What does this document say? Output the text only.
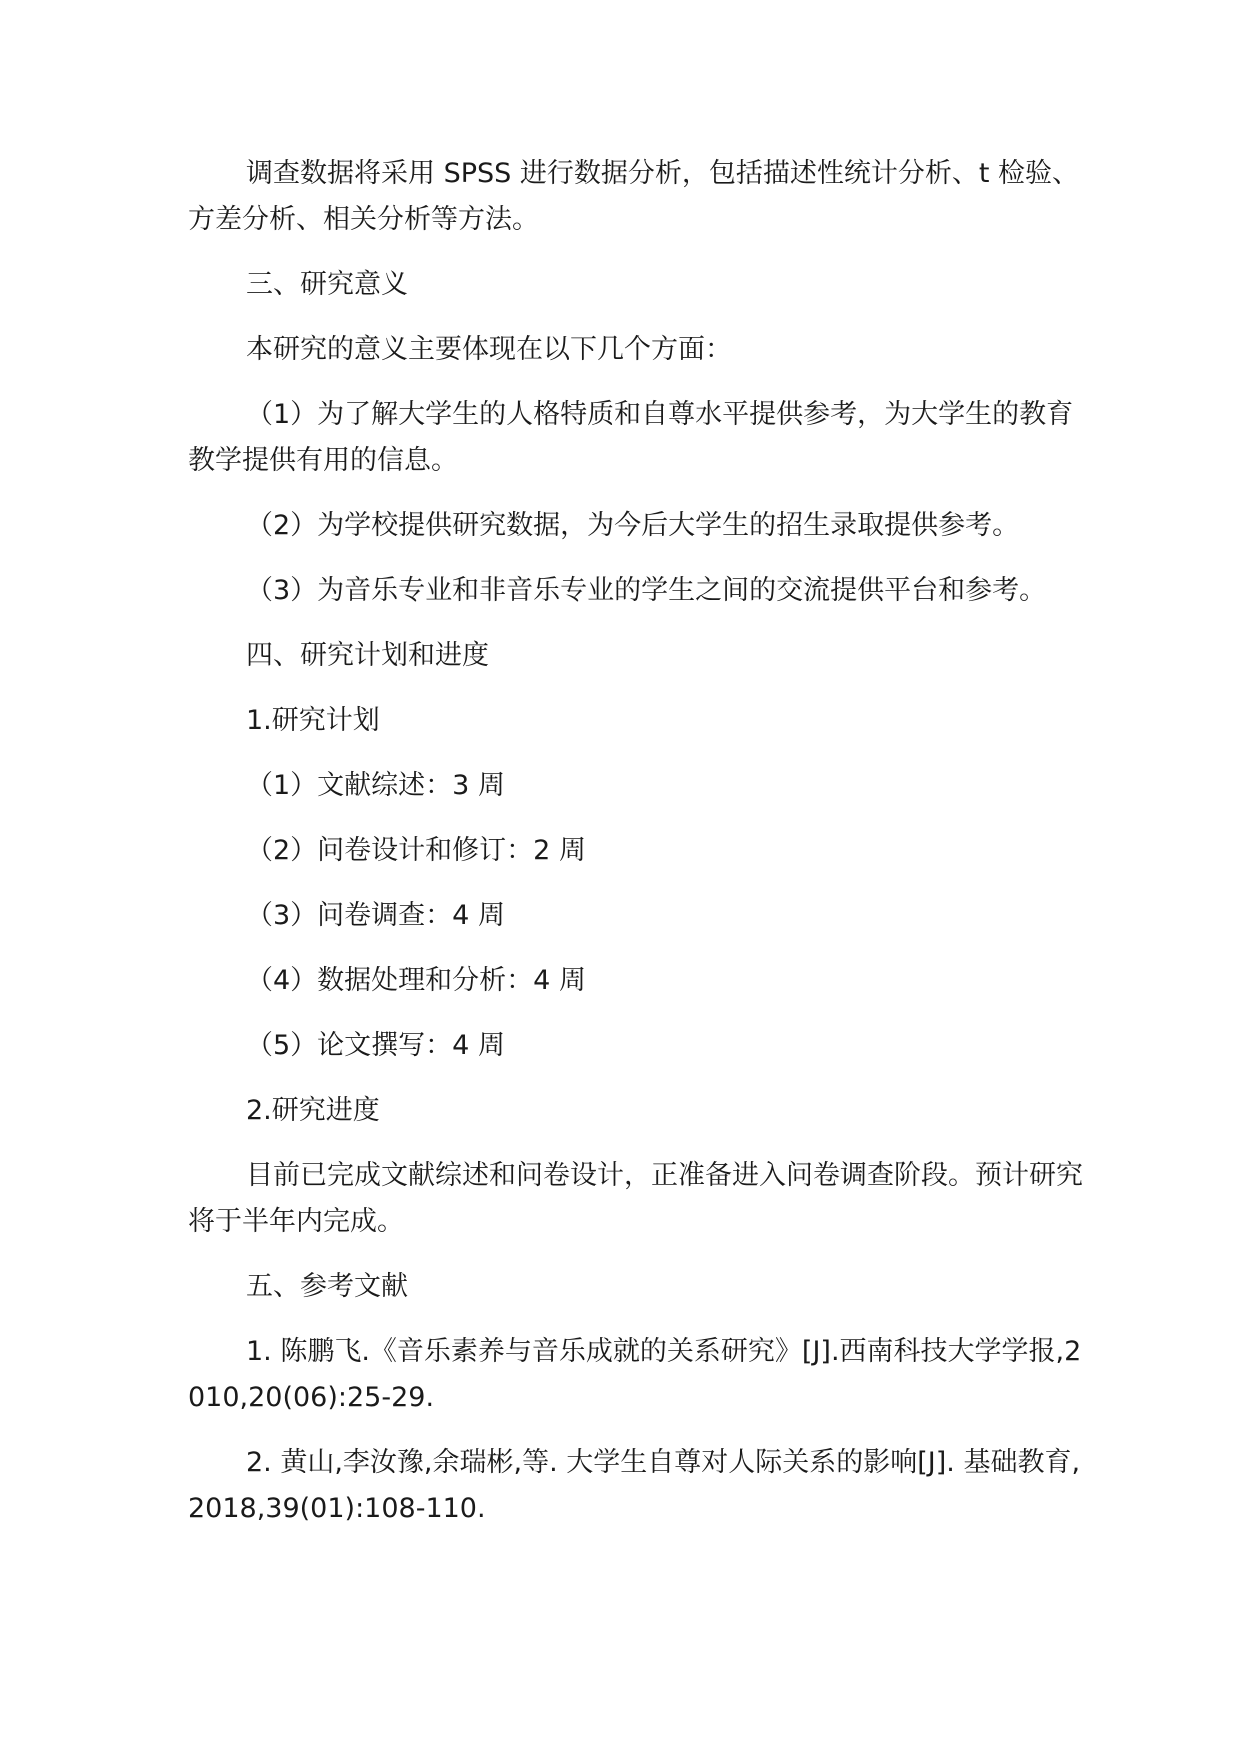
调查数据将采用 SPSS 进行数据分析，包括描述性统计分析、t 检验、方差分析、相关分析等方法。

三、研究意义

本研究的意义主要体现在以下几个方面：

（1）为了解大学生的人格特质和自尊水平提供参考，为大学生的教育教学提供有用的信息。

（2）为学校提供研究数据，为今后大学生的招生录取提供参考。

（3）为音乐专业和非音乐专业的学生之间的交流提供平台和参考。

四、研究计划和进度

1.研究计划

（1）文献综述：3 周

（2）问卷设计和修订：2 周

（3）问卷调查：4 周

（4）数据处理和分析：4 周

（5）论文撰写：4 周

2.研究进度

目前已完成文献综述和问卷设计，正准备进入问卷调查阶段。预计研究将于半年内完成。

五、参考文献

1. 陈鹏飞.《音乐素养与音乐成就的关系研究》[J].西南科技大学学报,2010,20(06):25-29.

2. 黄山,李汝豫,余瑞彬,等. 大学生自尊对人际关系的影响[J]. 基础教育,2018,39(01):108-110.
